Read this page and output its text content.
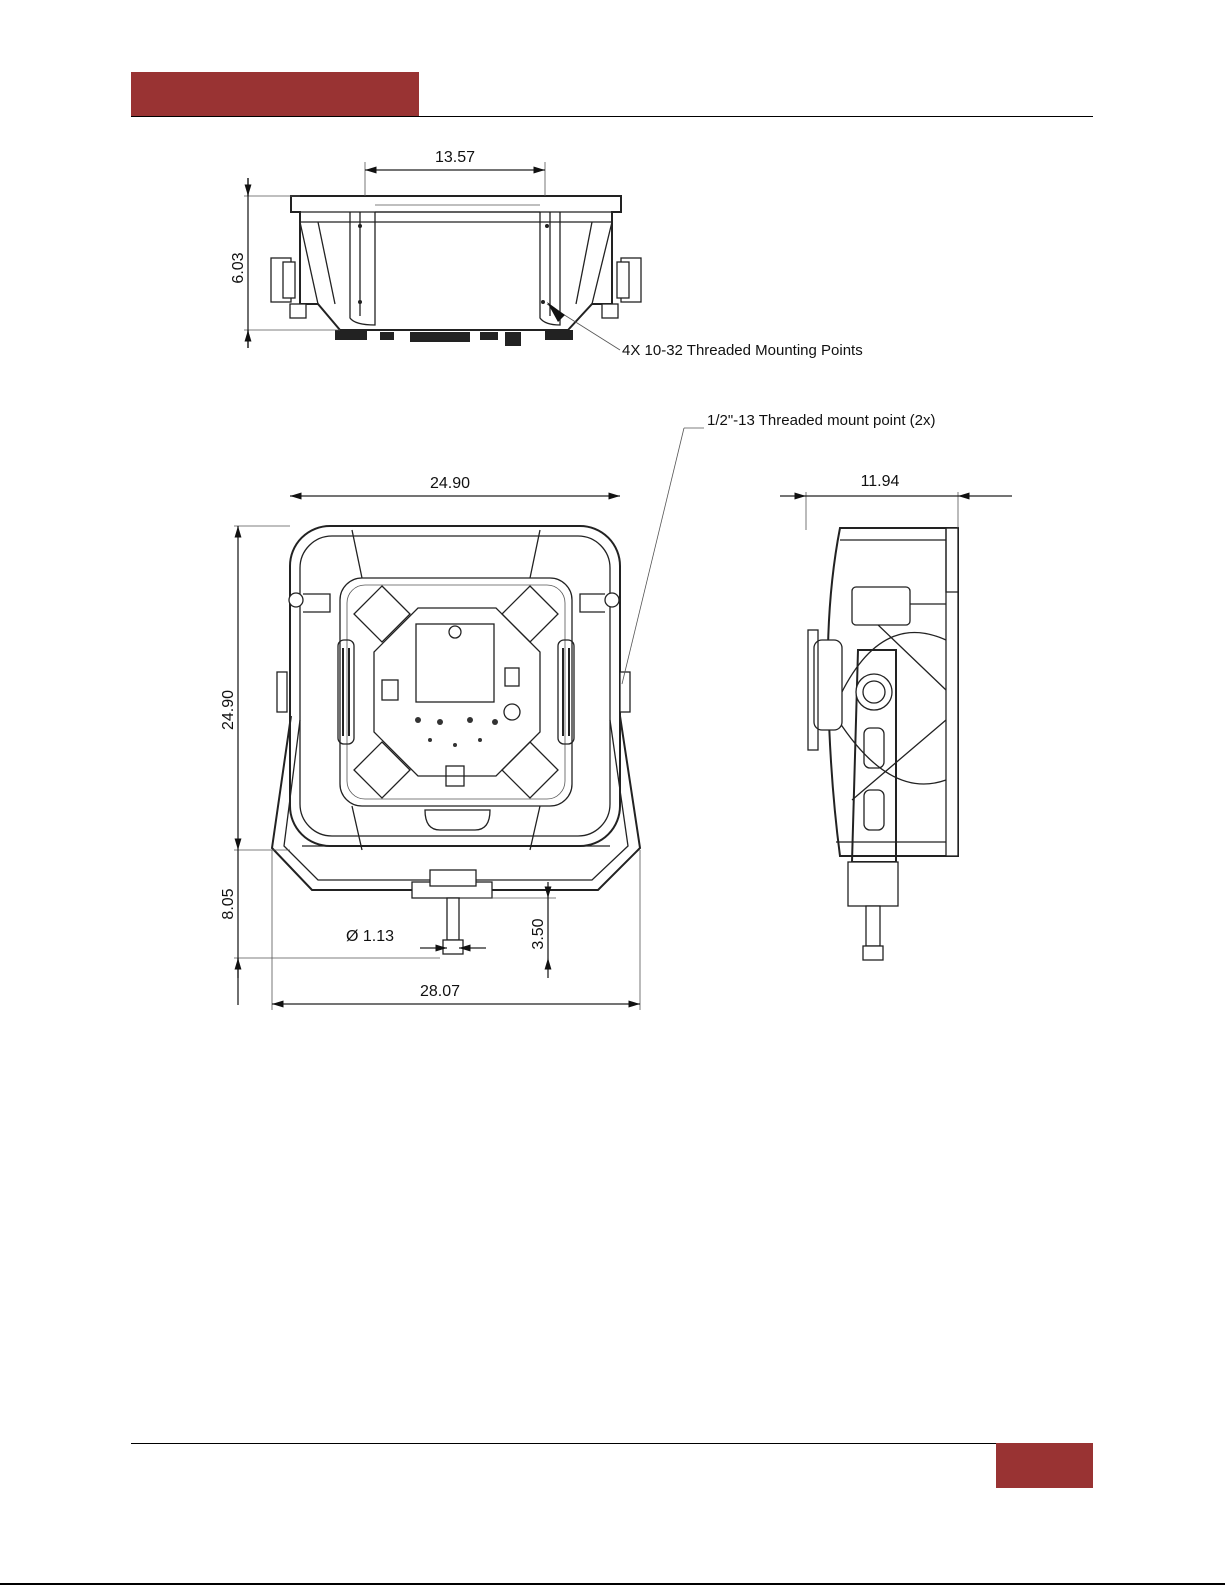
13.57
6.03
4X 10-32 Threaded Mounting Points
24.90
24.90
8.05
Ø 1.13	3.50
28.07
1/2"-13 Threaded mount point (2x)
11.94
